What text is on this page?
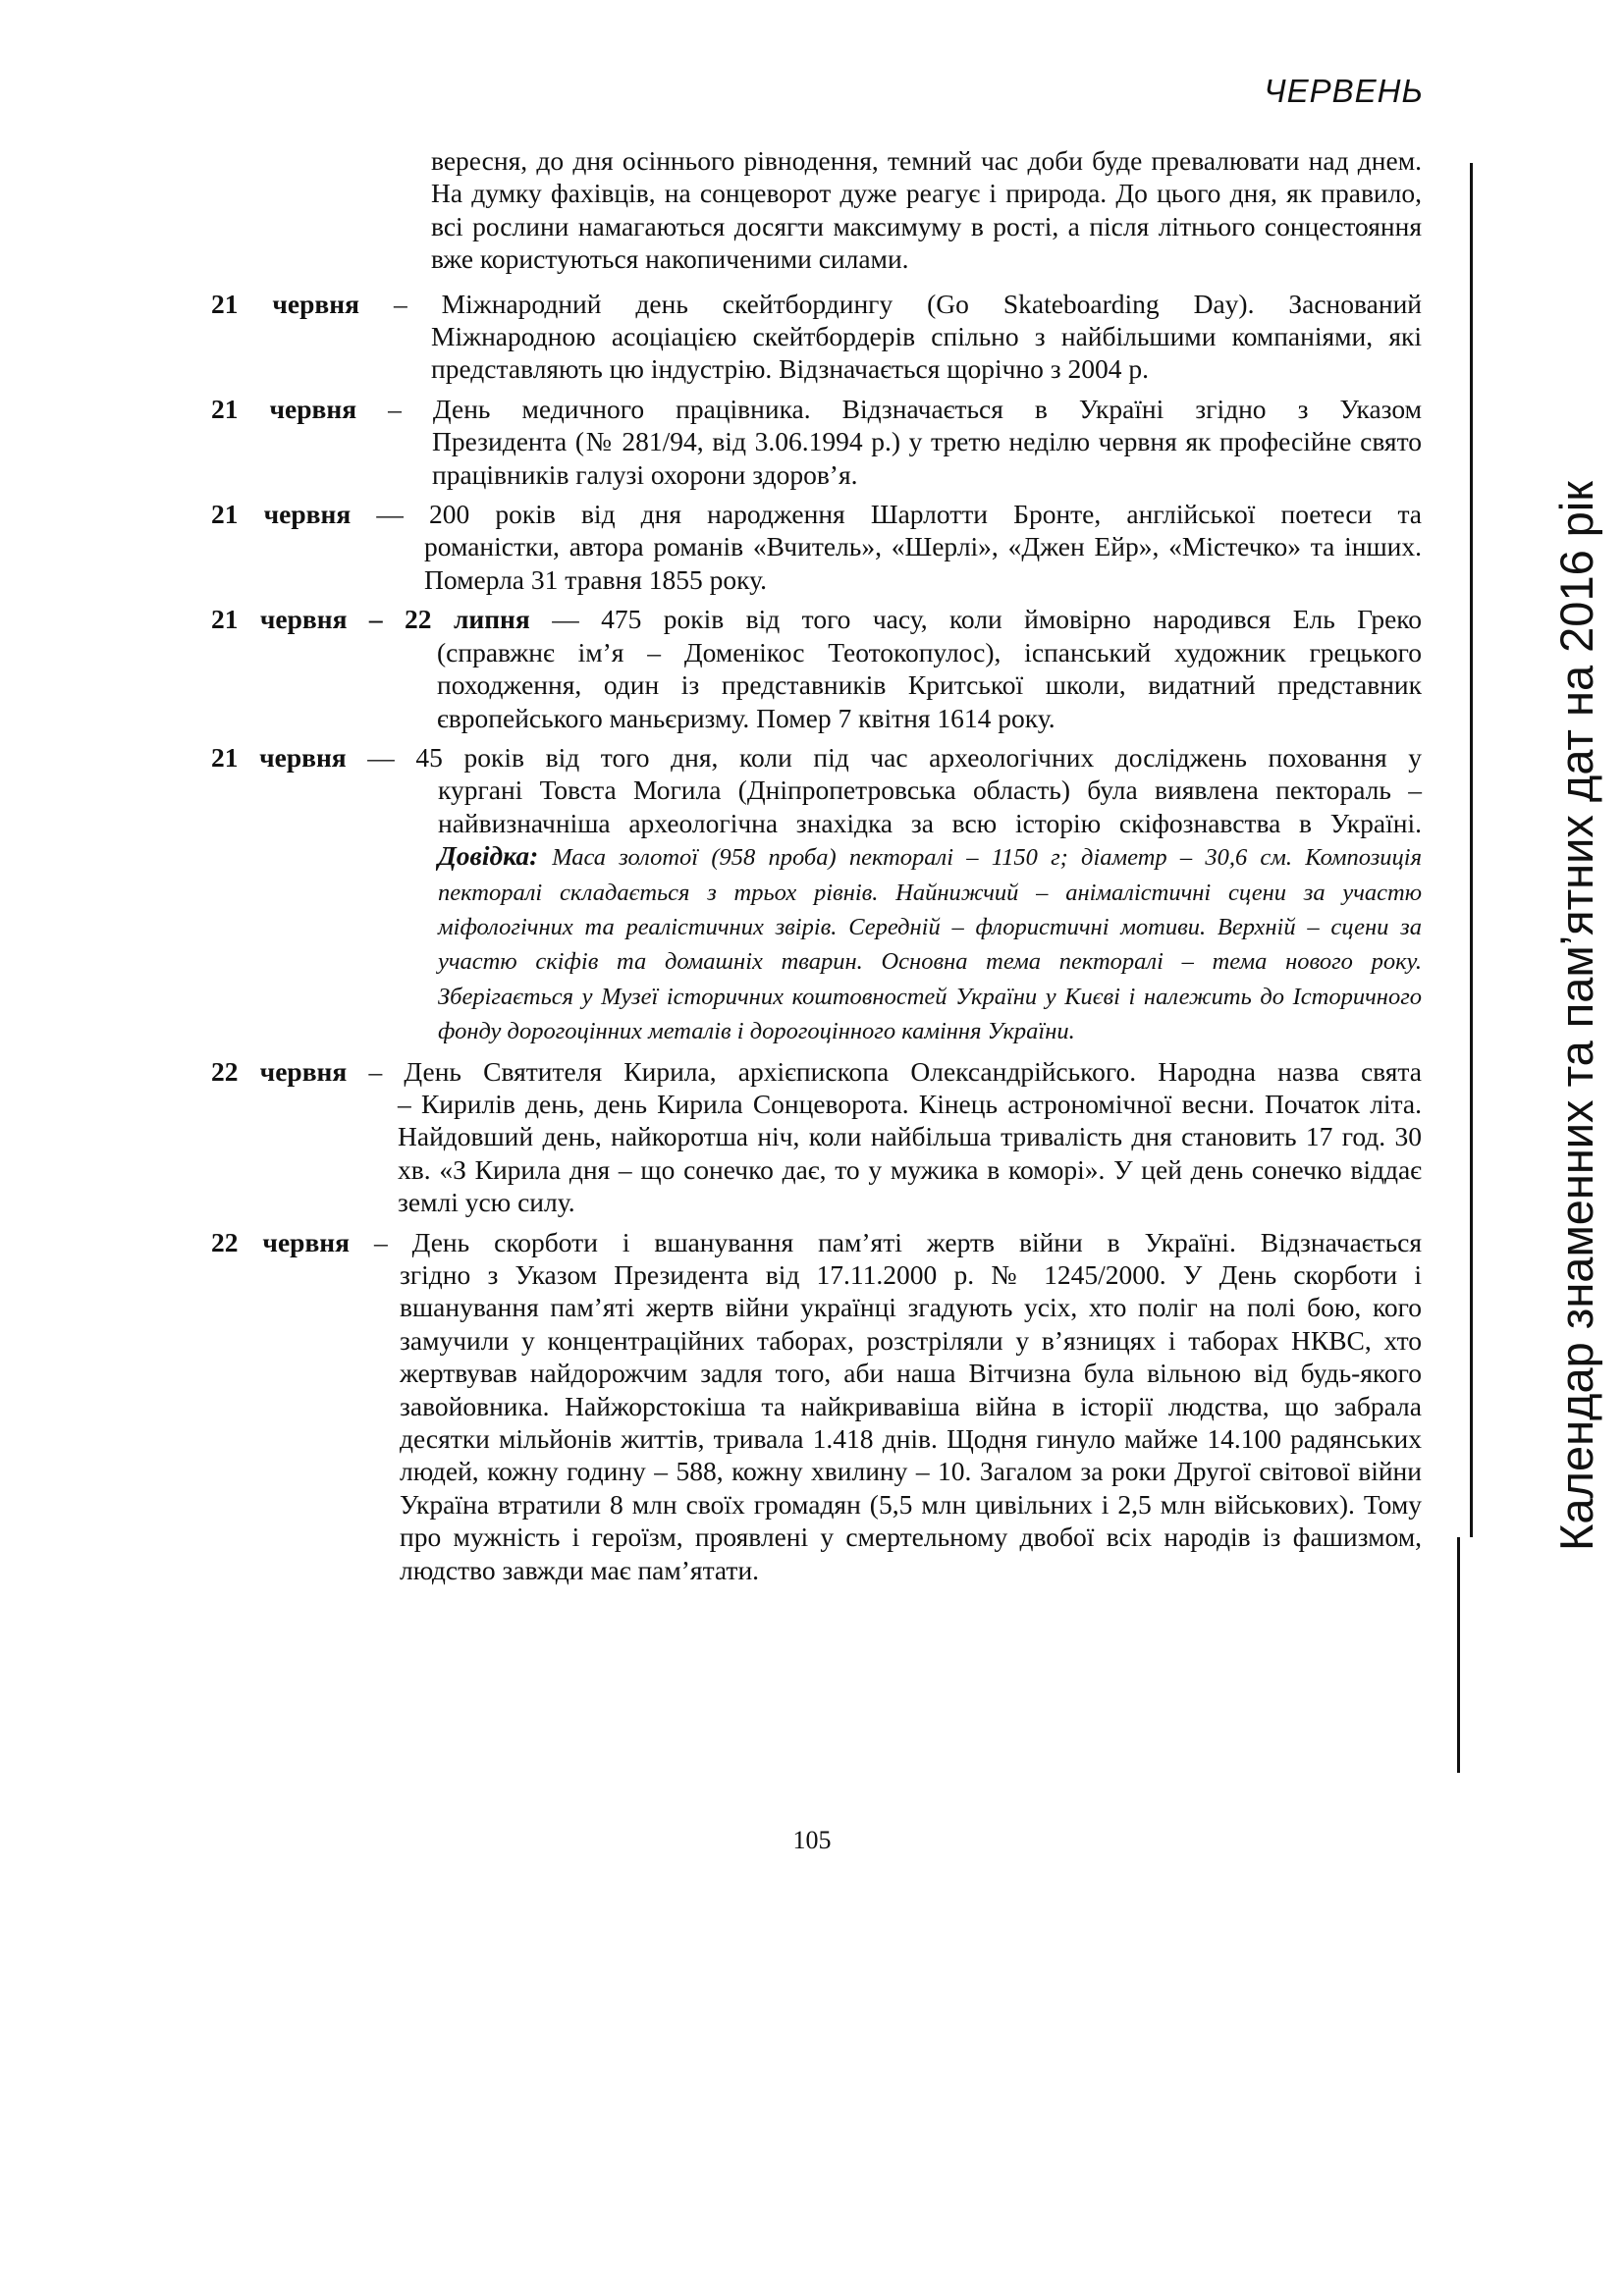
ЧЕРВЕНЬ
Календар знаменних та пам’ятних дат на 2016 рік
вересня, до дня осіннього рівнодення, темний час доби буде превалювати над днем. На думку фахівців, на сонцеворот дуже реагує і природа. До цього дня, як правило, всі рослини намагаються досягти максимуму в рості, а після літнього сонцестояння вже користуються накопиченими силами.
21 червня – Міжнародний день скейтбордингу (Go Skateboarding Day). Заснований
Міжнародною асоціацією скейтбордерів спільно з найбільшими компаніями, які представляють цю індустрію. Відзначається щорічно з 2004 р.
21 червня – День медичного працівника. Відзначається в Україні згідно з Указом
Президента (№ 281/94, від 3.06.1994 р.) у третю неділю червня як професійне свято працівників галузі охорони здоров’я.
21 червня — 200 років від дня народження Шарлотти Бронте, англійської поетеси та
романістки, автора романів «Вчитель», «Шерлі», «Джен Ейр», «Містечко» та інших. Померла 31 травня 1855 року.
21 червня – 22 липня — 475 років від того часу, коли ймовірно народився Ель Греко
(справжнє ім’я – Доменікос Теотокопулос), іспанський художник грецького походження, один із представників Критської школи, видатний представник європейського маньєризму. Помер 7 квітня 1614 року.
21 червня — 45 років від того дня, коли під час археологічних досліджень поховання у
кургані Товста Могила (Дніпропетровська область) була виявлена пектораль – найвизначніша археологічна знахідка за всю історію скіфознавства в Україні. Довідка: Маса золотої (958 проба) пекторалі – 1150 г; діаметр – 30,6 см. Композиція пекторалі складається з трьох рівнів. Найнижчий – анімалістичні сцени за участю міфологічних та реалістичних звірів. Середній – флористичні мотиви. Верхній – сцени за участю скіфів та домашніх тварин. Основна тема пекторалі – тема нового року. Зберігається у Музеї історичних коштовностей України у Києві і належить до Історичного фонду дорогоцінних металів і дорогоцінного каміння України.
22 червня – День Святителя Кирила, архієпископа Олександрійського. Народна назва свята
– Кирилів день, день Кирила Сонцеворота. Кінець астрономічної весни. Початок літа. Найдовший день, найкоротша ніч, коли найбільша тривалість дня становить 17 год. 30 хв. «З Кирила дня – що сонечко дає, то у мужика в коморі». У цей день сонечко віддає землі усю силу.
22 червня – День скорботи і вшанування пам’яті жертв війни в Україні. Відзначається
згідно з Указом Президента від 17.11.2000 р. № 1245/2000. У День скорботи і вшанування пам’яті жертв війни українці згадують усіх, хто поліг на полі бою, кого замучили у концентраційних таборах, розстріляли у в’язницях і таборах НКВС, хто жертвував найдорожчим задля того, аби наша Вітчизна була вільною від будь-якого завойовника. Найжорстокіша та найкривавіша війна в історії людства, що забрала десятки мільйонів життів, тривала 1.418 днів. Щодня гинуло майже 14.100 радянських людей, кожну годину – 588, кожну хвилину – 10. Загалом за роки Другої світової війни Україна втратили 8 млн своїх громадян (5,5 млн цивільних і 2,5 млн військових). Тому про мужність і героїзм, проявлені у смертельному двобої всіх народів із фашизмом, людство завжди має пам’ятати.
105
